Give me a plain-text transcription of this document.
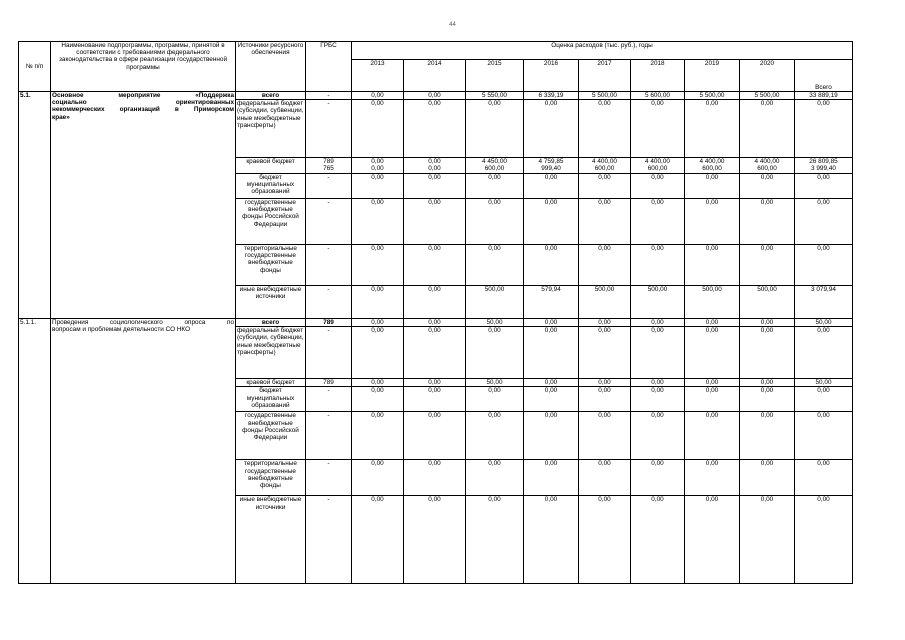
44
№ п/п	Наименование подпрограммы, программы, принятой в соответствии с требованиями федерального законодательства в сфере реализации государственной программы	Источники ресурсного обеспечения	ГРБС	Оценка расходов (тыс. руб.), годы								
				2013	2014	2015	2016	2017	2018	2019	2020	Всего
5.1.	Основное мероприятие «Поддержка
социально ориентированных
некоммерческих организаций в Приморском
крае»	всего	-	0,00	0,00	5 550,00	6 339,19	5 500,00	5 600,00	5 500,00	5 500,00	33 889,19
		федеральный бюджет (субсидии, субвенции, иные межбюджетные трансферты)	-	0,00	0,00	0,00	0,00	0,00	0,00	0,00	0,00	0,00
		краевой бюджет	789	0,00	0,00	4 450,00	4 759,85	4 400,00	4 400,00	4 400,00	4 400,00	26 809,85
			765	0,00	0,00	600,00	999,40	600,00	600,00	600,00	600,00	3 999,40
		бюджет муниципальных образований	-	0,00	0,00	0,00	0,00	0,00	0,00	0,00	0,00	0,00
		государственные внебюджетные фонды Российской Федерации	-	0,00	0,00	0,00	0,00	0,00	0,00	0,00	0,00	0,00
		территориальные государственные внебюджетные фонды	-	0,00	0,00	0,00	0,00	0,00	0,00	0,00	0,00	0,00
		иные внебюджетные источники	-	0,00	0,00	500,00	579,94	500,00	500,00	500,00	500,00	3 079,94
5.1.1.	Проведения социологического опроса по
вопросам и проблемам деятельности СО НКО	всего	789	0,00	0,00	50,00	0,00	0,00	0,00	0,00	0,00	50,00
		федеральный бюджет (субсидии, субвенции, иные межбюджетные трансферты)	-	0,00	0,00	0,00	0,00	0,00	0,00	0,00	0,00	0,00
		краевой бюджет	789	0,00	0,00	50,00	0,00	0,00	0,00	0,00	0,00	50,00
		бюджет муниципальных образований	-	0,00	0,00	0,00	0,00	0,00	0,00	0,00	0,00	0,00
		государственные внебюджетные фонды Российской Федерации	-	0,00	0,00	0,00	0,00	0,00	0,00	0,00	0,00	0,00
		территориальные государственные внебюджетные фонды	-	0,00	0,00	0,00	0,00	0,00	0,00	0,00	0,00	0,00
		иные внебюджетные источники	-	0,00	0,00	0,00	0,00	0,00	0,00	0,00	0,00	0,00
